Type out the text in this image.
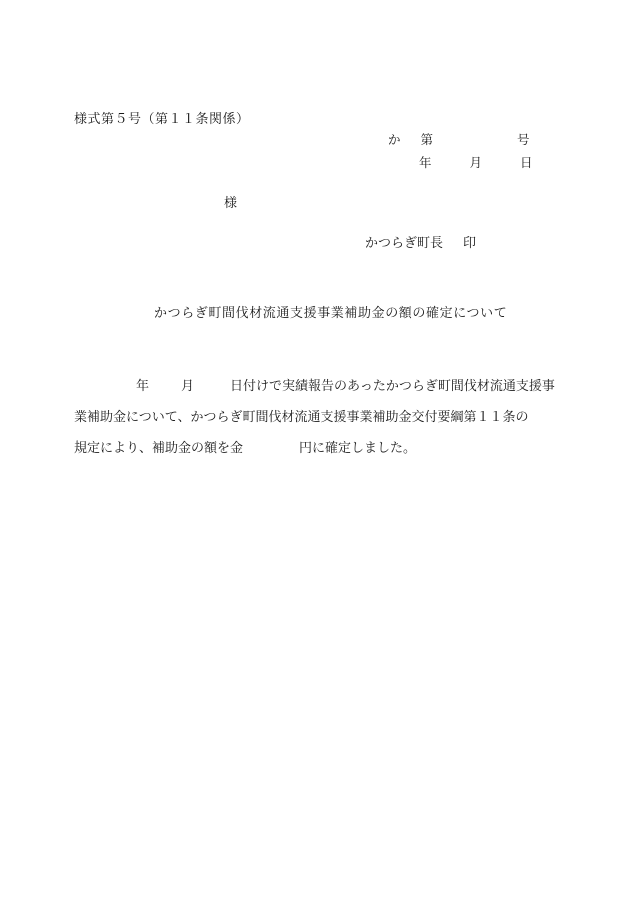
様式第５号（第１１条関係）
か 第	号
年	月	日
様
かつらぎ町長 印
かつらぎ町間伐材流通支援事業補助金の額の確定について
年 月	日付けで実績報告のあったかつらぎ町間伐材流通支援事
業補助金について、かつらぎ町間伐材流通支援事業補助金交付要綱第１１条の
規定により、補助金の額を金	円に確定しました。
